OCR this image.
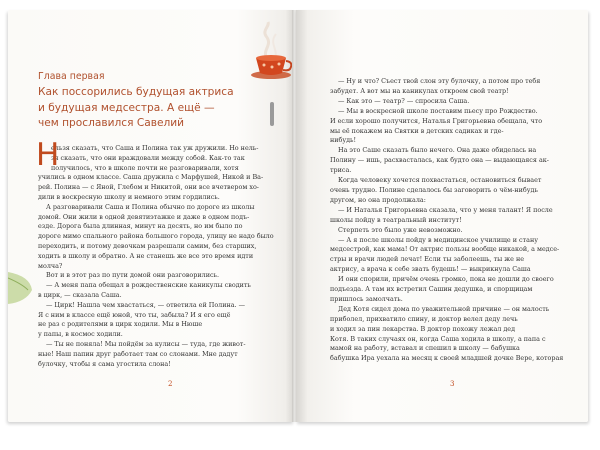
Глава первая
Как поссорились будущая актриса
и будущая медсестра. А ещё —
чем прославился Савелий
Н
ельзя сказать, что Саша и Полина так уж дружили. Но нель-
зя сказать, что они враждовали между собой. Как-то так
получилось, что в школе почти не разговаривали, хотя
учились в одном классе. Саша дружила с Марфушей, Никой и Ва-
рей. Полина — с Яной, Глебом и Никитой, они все вчетвером хо-
дили в воскресную школу и немного этим гордились.
А разговаривали Саша и Полина обычно по дороге из школы
домой. Они жили в одной девятиэтажке и даже в одном подъ-
езде. Дорога была длинная, минут на десять, но им было по
дороге мимо спального района большого города, улицу не надо было
переходить, и потому девочкам разрешали самим, без старших,
ходить в школу и обратно. А не станешь же все это время идти
молча?
Вот и в этот раз по пути домой они разговорились.
— А меня папа обещал в рождественские каникулы сводить
в цирк, — сказала Саша.
— Цирк! Нашла чем хвастаться, — ответила ей Полина. —
Я с ним в классе ещё юной, что ты, забыла? И я его ещё
не раз с родителями в цирк ходили. Мы в Нюше
у папы, в космос ходили.
— Ты не поняла! Мы пойдём за кулисы — туда, где живот-
ные! Наш папин друг работает там со слонами. Мне дадут
булочку, чтобы я сама угостила слона!
2	3
— Ну и что? Съест твой слон эту булочку, а потом про тебя
забудет. А вот мы на каникулах откроем свой театр!
— Как это — театр? — спросила Саша.
— Мы в воскресной школе поставим пьесу про Рождество.
И если хорошо получится, Наталья Григорьевна обещала, что
мы её покажем на Святки в детских садиках и где-
нибудь!
На это Саше сказать было нечего. Она даже обиделась на
Полину — ишь, расхвасталась, как будто она — выдающаяся ак-
триса.
Когда человеку хочется похвастаться, остановиться бывает
очень трудно. Полине сделалось бы заговорить о чём-нибудь
другом, но она продолжала:
— И Наталья Григорьевна сказала, что у меня талант! Я после
школы пойду в театральный институт!
Стерпеть это было уже невозможно.
— А я после школы пойду в медицинское училище и стану
медсестрой, как мама! От актрис пользы вообще никакой, а медсе-
стры и врачи людей лечат! Если ты заболеешь, ты же не
актрису, а врача к себе звать будешь! — выкрикнула Саша
И они спорили, причём очень громко, пока не дошли до своего
подъезда. А там их встретил Сашин дедушка, и спорщицам
пришлось замолчать.
Дед Котя сидел дома по уважительной причине — он малость
приболел, прихватило спину, и доктор велел деду лечь
и ходил за пин лекарства. В доктор похожу лежал дед
Котя. В таких случаях он, когда Саша ходила в школу, а папа с
мамой на работу, вставал и спешил в школу — бабушка
бабушка Ира уехала на месяц к своей младшей дочке Вере, которая
